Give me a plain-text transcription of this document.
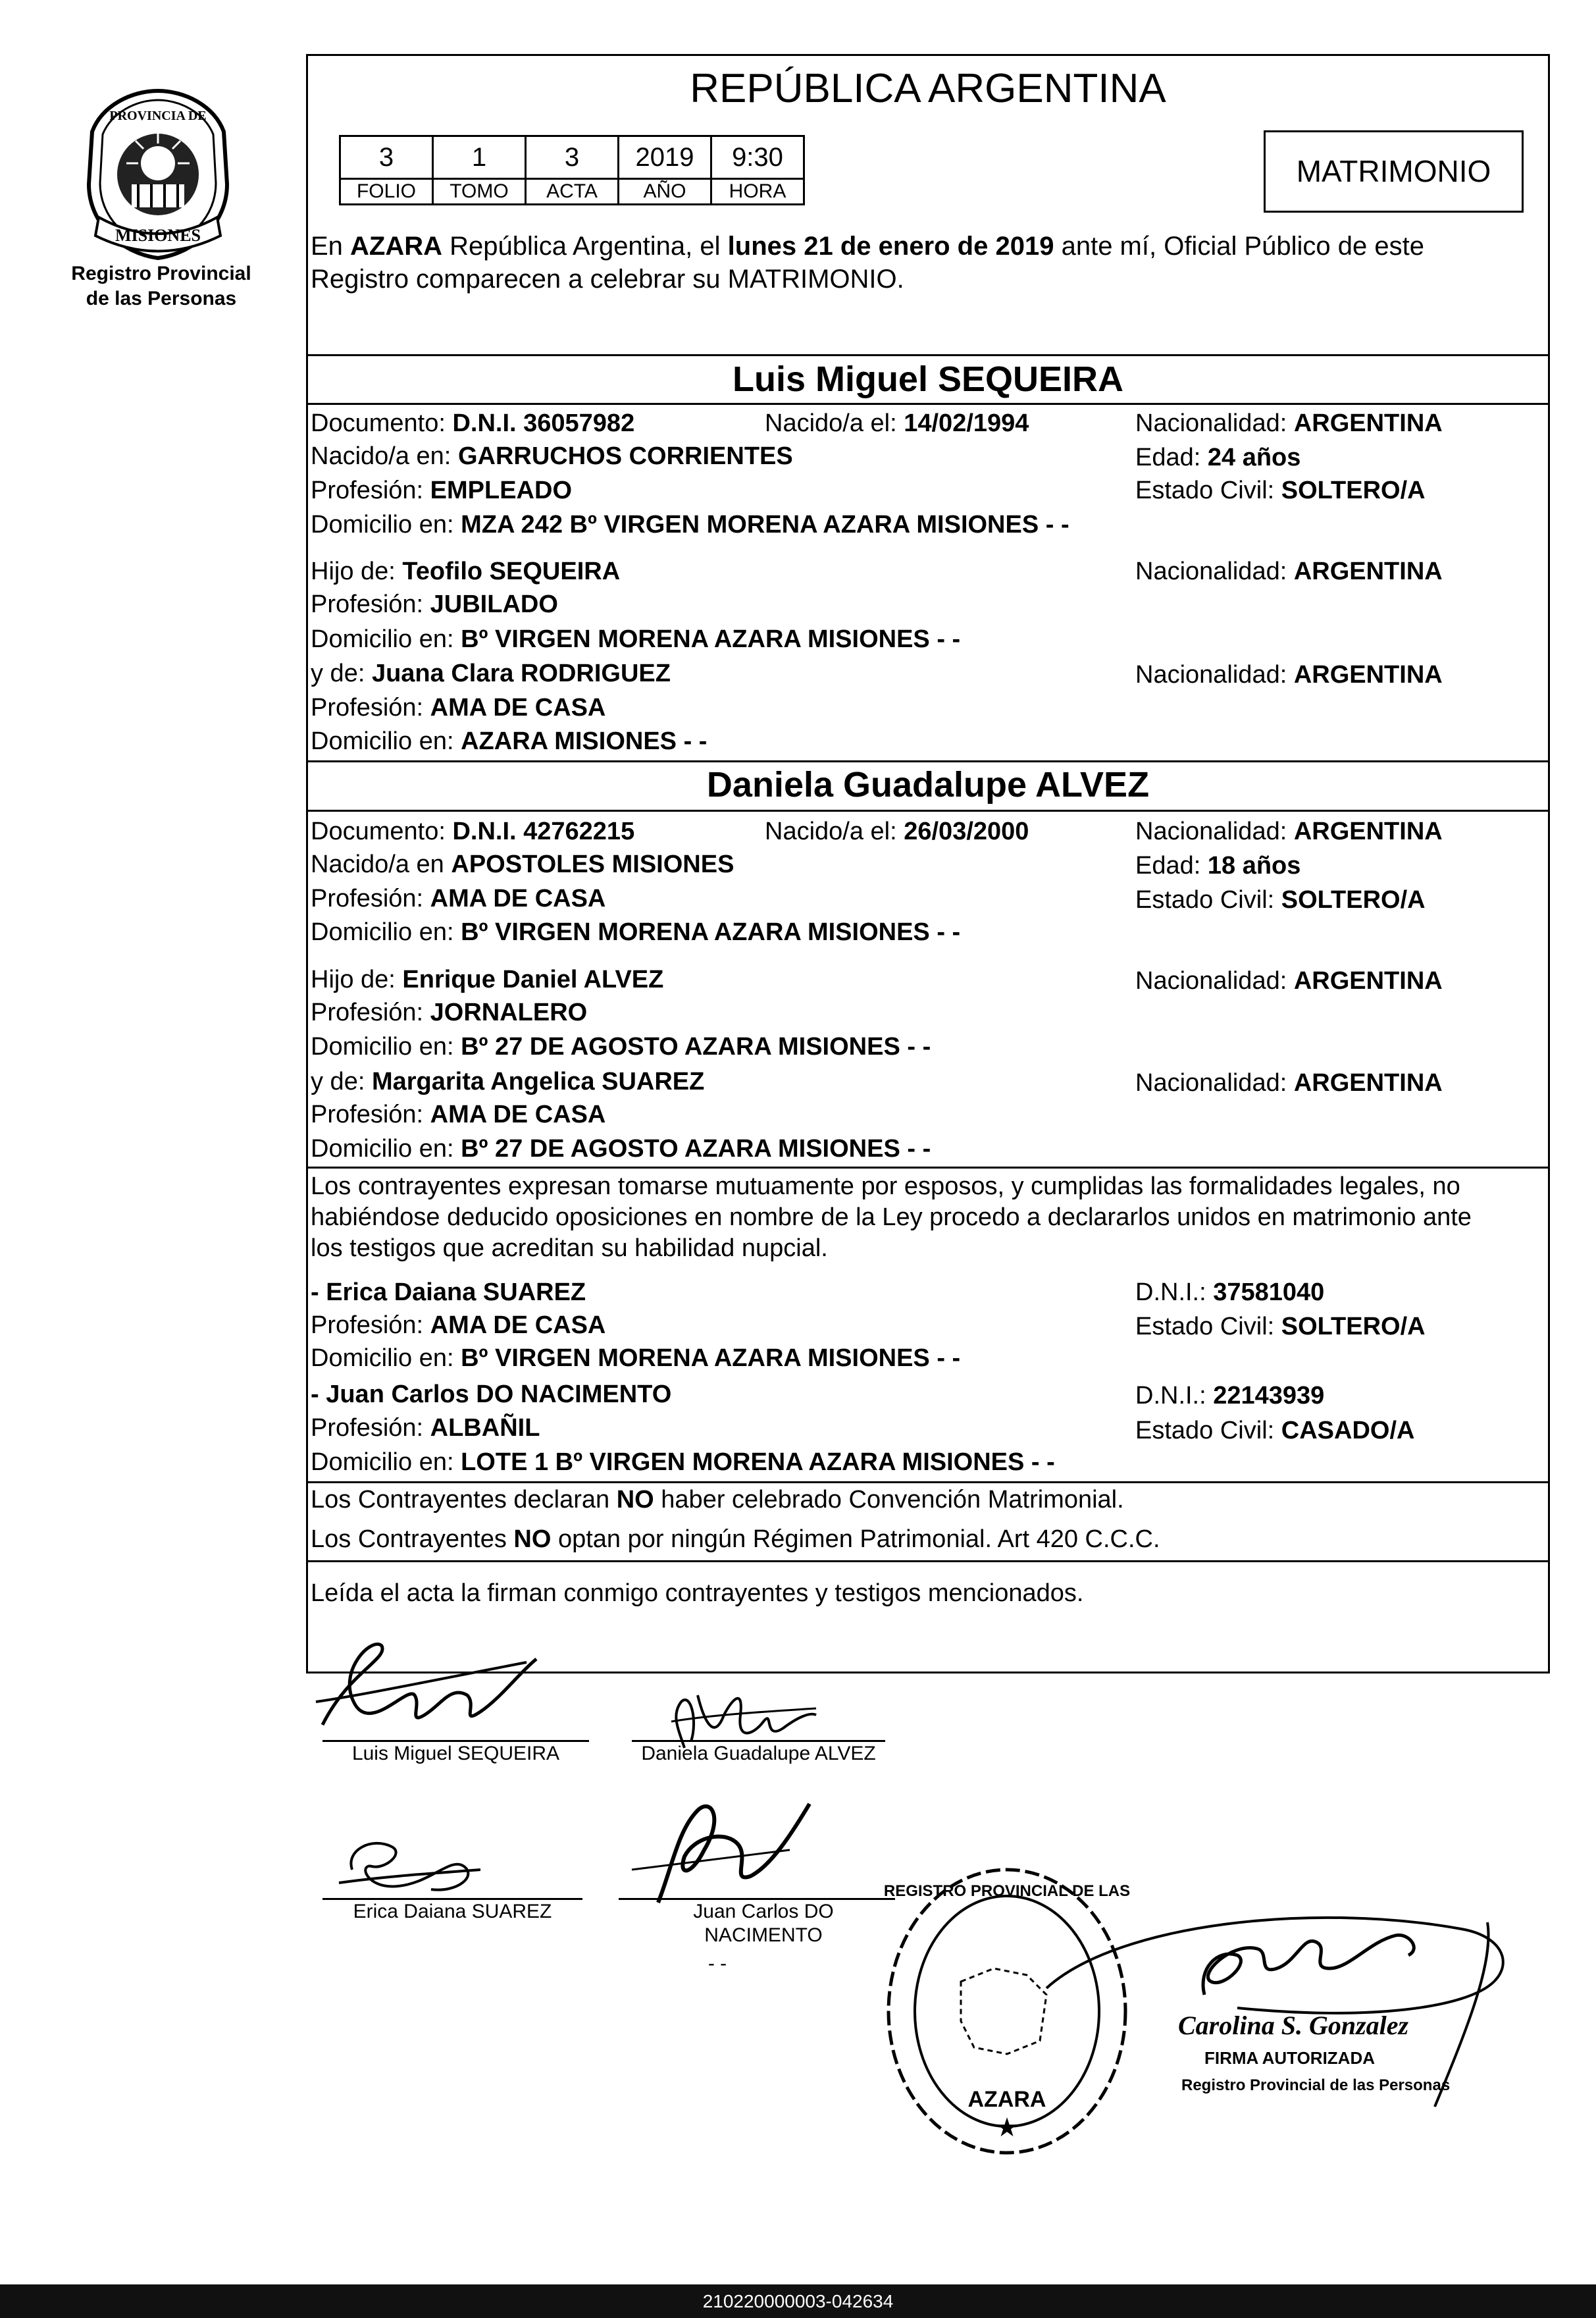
MISIONES
PROVINCIA DE
Registro Provincial
de las Personas
REPÚBLICA ARGENTINA
3	1	3	2019	9:30
FOLIO	TOMO	ACTA	AÑO	HORA
MATRIMONIO
En AZARA República Argentina, el lunes 21 de enero de 2019 ante mí, Oficial Público de este
Registro comparecen a celebrar su MATRIMONIO.
Luis Miguel SEQUEIRA
Documento: D.N.I. 36057982	Nacido/a el: 14/02/1994	Nacionalidad: ARGENTINA
Nacido/a en: GARRUCHOS CORRIENTES	Edad: 24 años
Profesión: EMPLEADO	Estado Civil: SOLTERO/A
Domicilio en: MZA 242 Bº VIRGEN MORENA AZARA MISIONES - -
Hijo de: Teofilo SEQUEIRA	Nacionalidad: ARGENTINA
Profesión: JUBILADO
Domicilio en: Bº VIRGEN MORENA AZARA MISIONES - -
y de: Juana Clara RODRIGUEZ	Nacionalidad: ARGENTINA
Profesión: AMA DE CASA
Domicilio en: AZARA MISIONES - -
Daniela Guadalupe ALVEZ
Documento: D.N.I. 42762215	Nacido/a el: 26/03/2000	Nacionalidad: ARGENTINA
Nacido/a en APOSTOLES MISIONES	Edad: 18 años
Profesión: AMA DE CASA	Estado Civil: SOLTERO/A
Domicilio en: Bº VIRGEN MORENA AZARA MISIONES - -
Hijo de: Enrique Daniel ALVEZ	Nacionalidad: ARGENTINA
Profesión: JORNALERO
Domicilio en: Bº 27 DE AGOSTO AZARA MISIONES - -
y de: Margarita Angelica SUAREZ	Nacionalidad: ARGENTINA
Profesión: AMA DE CASA
Domicilio en: Bº 27 DE AGOSTO AZARA MISIONES - -
Los contrayentes expresan tomarse mutuamente por esposos, y cumplidas las formalidades legales, no
habiéndose deducido oposiciones en nombre de la Ley procedo a declararlos unidos en matrimonio ante
los testigos que acreditan su habilidad nupcial.
- Erica Daiana SUAREZ	D.N.I.: 37581040
Profesión: AMA DE CASA	Estado Civil: SOLTERO/A
Domicilio en: Bº VIRGEN MORENA AZARA MISIONES - -
- Juan Carlos DO NACIMENTO	D.N.I.: 22143939
Profesión: ALBAÑIL	Estado Civil: CASADO/A
Domicilio en: LOTE 1 Bº VIRGEN MORENA AZARA MISIONES - -
Los Contrayentes declaran NO haber celebrado Convención Matrimonial.
Los Contrayentes NO optan por ningún Régimen Patrimonial. Art 420 C.C.C.
Leída el acta la firman conmigo contrayentes y testigos mencionados.
Luis Miguel SEQUEIRA	Daniela Guadalupe ALVEZ
Erica Daiana SUAREZ	Juan Carlos DO
NACIMENTO
- -
★
AZARA
REGISTRO PROVINCIAL DE LAS
Carolina S. Gonzalez
FIRMA AUTORIZADA
Registro Provincial de las Personas
210220000003-042634
